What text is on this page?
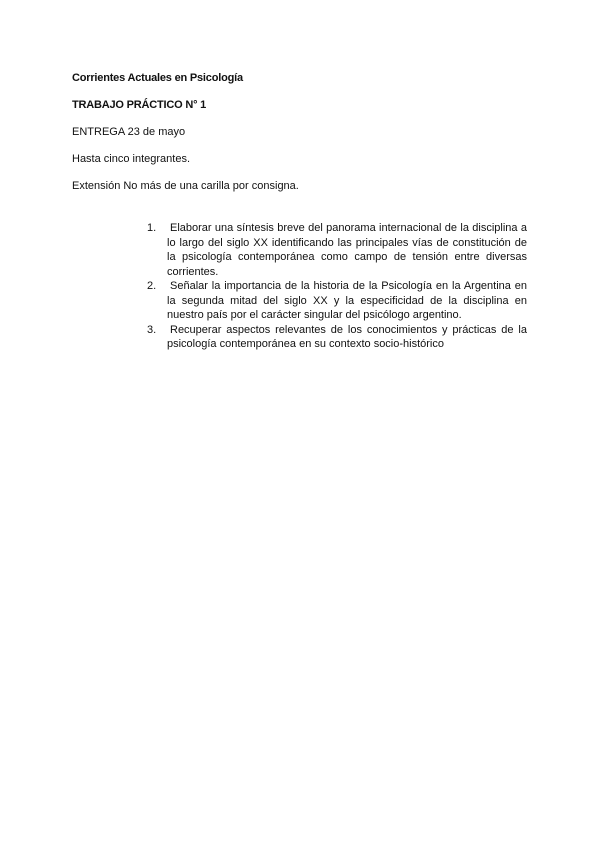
Corrientes Actuales en Psicología
TRABAJO PRÁCTICO N° 1
ENTREGA 23 de mayo
Hasta cinco integrantes.
Extensión No más de una carilla por consigna.
1. Elaborar una síntesis breve del panorama internacional de la disciplina a lo largo del siglo XX identificando las principales vías de constitución de la psicología contemporánea como campo de tensión entre diversas corrientes.
2. Señalar la importancia de la historia de la Psicología en la Argentina en la segunda mitad del siglo XX y la especificidad de la disciplina en nuestro país por el carácter singular del psicólogo argentino.
3. Recuperar aspectos relevantes de los conocimientos y prácticas de la psicología contemporánea en su contexto socio-histórico
